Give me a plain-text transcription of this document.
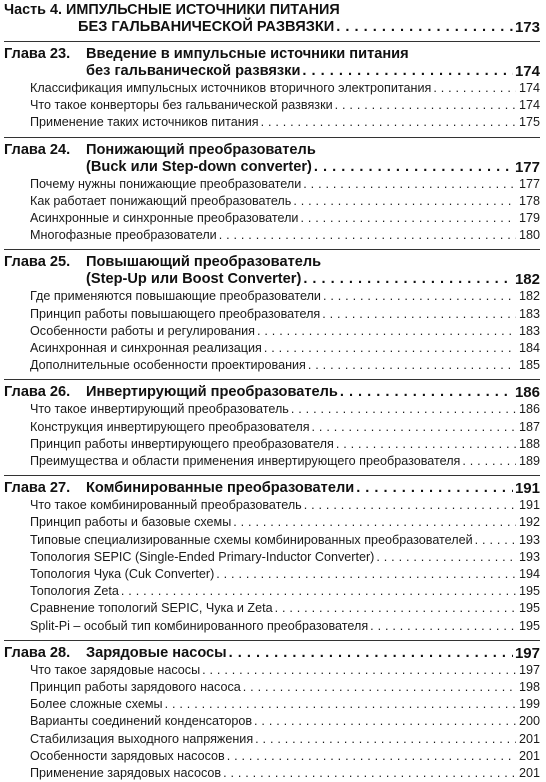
Часть 4. ИМПУЛЬСНЫЕ ИСТОЧНИКИ ПИТАНИЯ
БЕЗ ГАЛЬВАНИЧЕСКОЙ РАЗВЯЗКИ . . .	173
Глава 23.	Введение в импульсные источники питания
без гальванической развязки . . .	174
Классификация импульсных источников вторичного электропитания . . .	174
Что такое конверторы без гальванической развязки . . .	174
Применение таких источников питания . . .	175
Глава 24.	Понижающий преобразователь
(Buck или Step-down converter) . . .	177
Почему нужны понижающие преобразователи . . .	177
Как работает понижающий преобразователь . . .	178
Асинхронные и синхронные преобразователи . . .	179
Многофазные преобразователи . . .	180
Глава 25.	Повышающий преобразователь
(Step-Up или Boost Converter) . . .	182
Где применяются повышающие преобразователи . . .	182
Принцип работы повышающего преобразователя . . .	183
Особенности работы и регулирования . . .	183
Асинхронная и синхронная реализация . . .	184
Дополнительные особенности проектирования . . .	185
Глава 26.	Инвертирующий преобразователь . . .	186
Что такое инвертирующий преобразователь . . .	186
Конструкция инвертирующего преобразователя . . .	187
Принцип работы инвертирующего преобразователя . . .	188
Преимущества и области применения инвертирующего преобразователя . . .	189
Глава 27.	Комбинированные преобразователи . . .	191
Что такое комбинированный преобразователь . . .	191
Принцип работы и базовые схемы . . .	192
Типовые специализированные схемы комбинированных преобразователей . . .	193
Топология SEPIC (Single-Ended Primary-Inductor Converter) . . .	193
Топология Чука (Cuk Converter) . . .	194
Топология Zeta . . .	195
Сравнение топологий SEPIC, Чука и Zeta . . .	195
Split-Pi – особый тип комбинированного преобразователя . . .	195
Глава 28.	Зарядовые насосы . . .	197
Что такое зарядовые насосы . . .	197
Принцип работы зарядового насоса . . .	198
Более сложные схемы . . .	199
Варианты соединений конденсаторов . . .	200
Стабилизация выходного напряжения . . .	201
Особенности зарядовых насосов . . .	201
Применение зарядовых насосов . . .	201
